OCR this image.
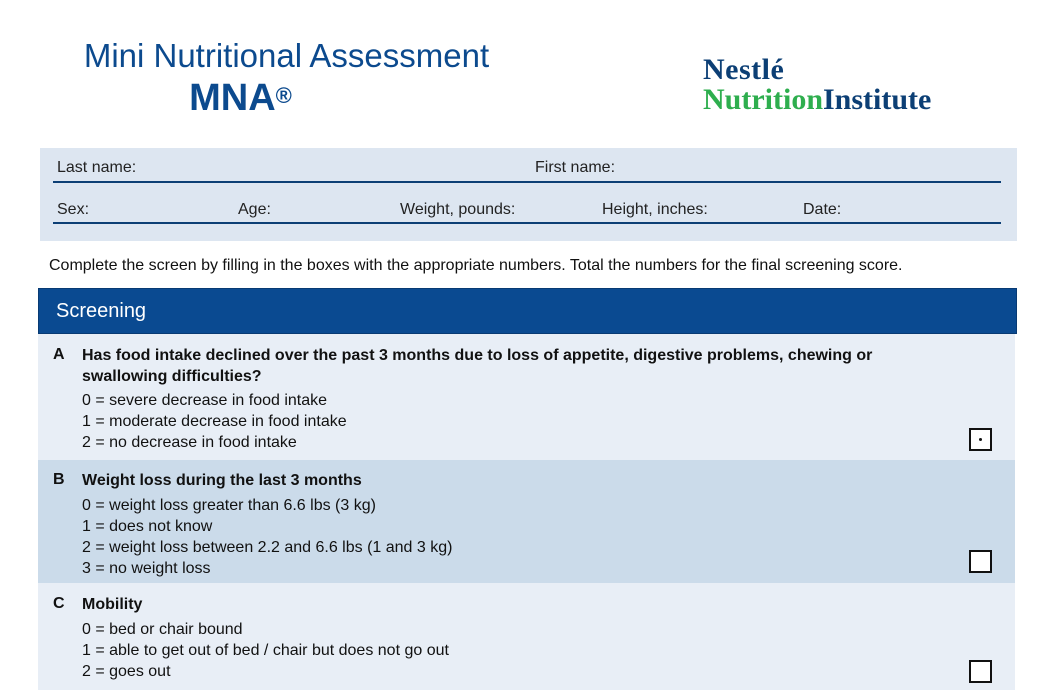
Mini Nutritional Assessment
MNA®
Nestlé
NutritionInstitute
Last name:	First name:
Sex:	Age:	Weight, pounds:	Height, inches:	Date:
Complete the screen by filling in the boxes with the appropriate numbers. Total the numbers for the final screening score.
Screening
A Has food intake declined over the past 3 months due to loss of appetite, digestive problems, chewing or
swallowing difficulties?
0 = severe decrease in food intake
1 = moderate decrease in food intake
2 = no decrease in food intake
B Weight loss during the last 3 months
0 = weight loss greater than 6.6 lbs (3 kg)
1 = does not know
2 = weight loss between 2.2 and 6.6 lbs (1 and 3 kg)
3 = no weight loss
C Mobility
0 = bed or chair bound
1 = able to get out of bed / chair but does not go out
2 = goes out
